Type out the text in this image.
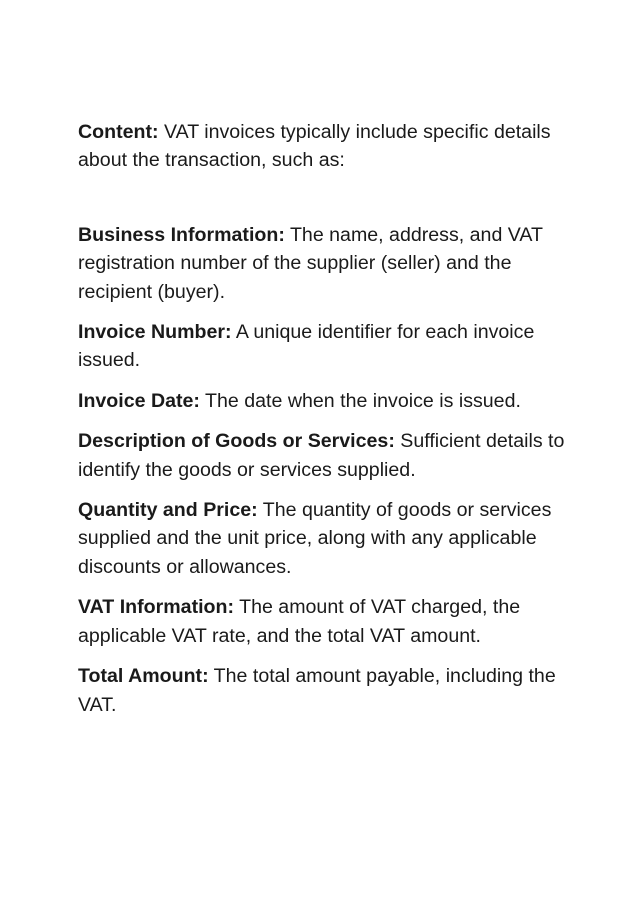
Content: VAT invoices typically include specific details about the transaction, such as:

Business Information: The name, address, and VAT registration number of the supplier (seller) and the recipient (buyer).

Invoice Number: A unique identifier for each invoice issued.

Invoice Date: The date when the invoice is issued.

Description of Goods or Services: Sufficient details to identify the goods or services supplied.

Quantity and Price: The quantity of goods or services supplied and the unit price, along with any applicable discounts or allowances.

VAT Information: The amount of VAT charged, the applicable VAT rate, and the total VAT amount.

Total Amount: The total amount payable, including the VAT.
